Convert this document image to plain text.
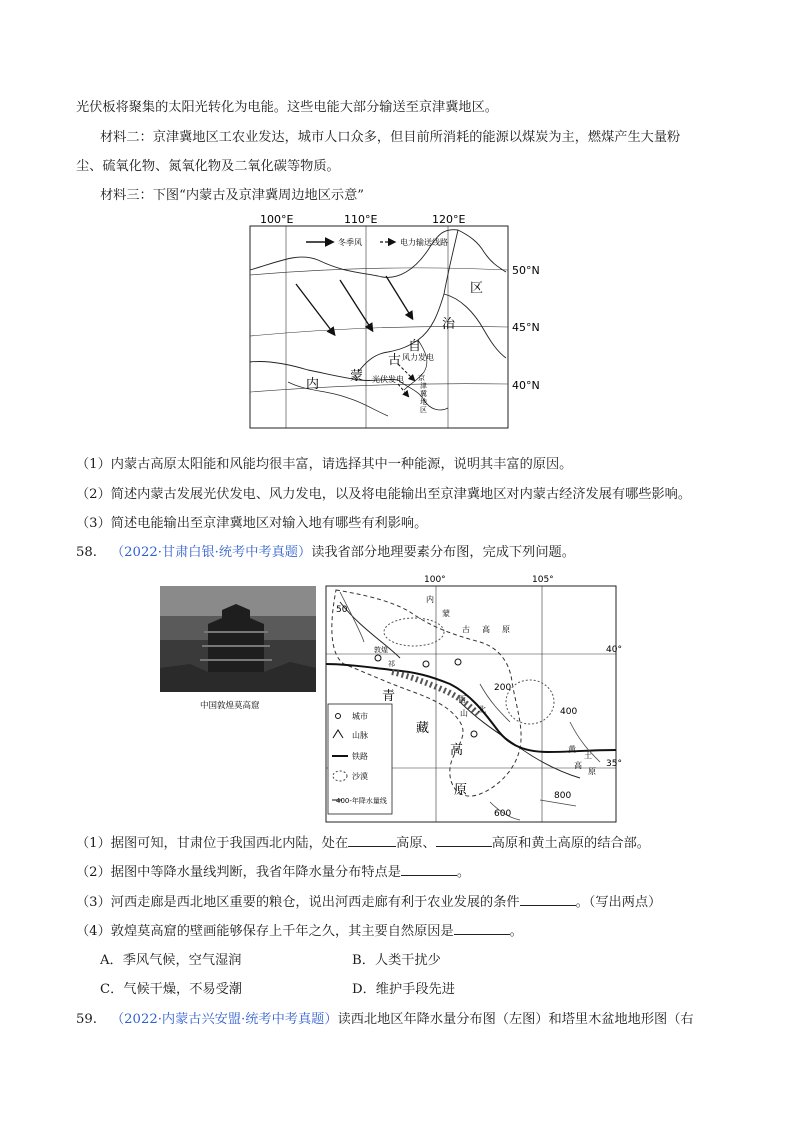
光伏板将聚集的太阳光转化为电能。这些电能大部分输送至京津冀地区。
材料二：京津冀地区工农业发达，城市人口众多，但目前所消耗的能源以煤炭为主，燃煤产生大量粉
尘、硫氧化物、氮氧化物及二氧化碳等物质。
材料三：下图“内蒙古及京津冀周边地区示意”
100°E	110°E	120°E
50°N
45°N
40°N
冬季风	电力输送线路
内
蒙
古
自
治
区
风力发电
光伏发电 京
津
冀
地
区
（1）内蒙古高原太阳能和风能均很丰富，请选择其中一种能源，说明其丰富的原因。
（2）简述内蒙古发展光伏发电、风力发电，以及将电能输出至京津冀地区对内蒙古经济发展有哪些影响。
（3）简述电能输出至京津冀地区对输入地有哪些有利影响。
58. （2022·甘肃白银·统考中考真题）读我省部分地理要素分布图，完成下列问题。
中国敦煌莫高窟
100°	105°
40°
35°
50
200
400
600
800
内
蒙
古 高 原
青
藏
高
原
敦煌
祁
西
北
山
黄
土
高
原
城市
山脉
铁路
沙漠
400-年降水量线
（1）据图可知，甘肃位于我国西北内陆，处在	高原、	高原和黄土高原的结合部。
（2）据图中等降水量线判断，我省年降水量分布特点是	。
（3）河西走廊是西北地区重要的粮仓，说出河西走廊有利于农业发展的条件	。（写出两点）
（4）敦煌莫高窟的壁画能够保存上千年之久，其主要自然原因是	。
A．季风气候，空气湿润	B．人类干扰少
C．气候干燥，不易受潮	D．维护手段先进
59. （2022·内蒙古兴安盟·统考中考真题）读西北地区年降水量分布图（左图）和塔里木盆地地形图（右
